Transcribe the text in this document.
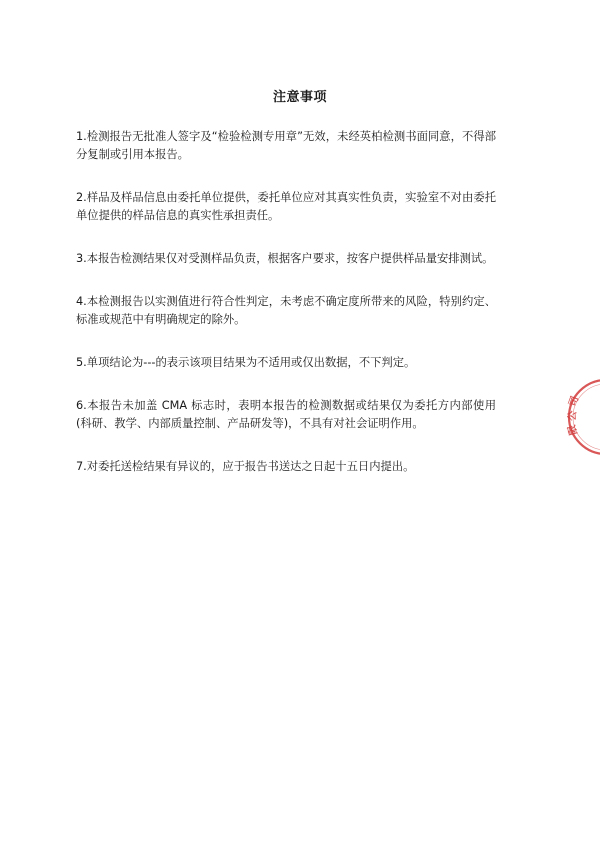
注意事项

1.检测报告无批准人签字及“检验检测专用章”无效，未经英柏检测书面同意，不得部分复制或引用本报告。

2.样品及样品信息由委托单位提供，委托单位应对其真实性负责，实验室不对由委托单位提供的样品信息的真实性承担责任。

3.本报告检测结果仅对受测样品负责，根据客户要求，按客户提供样品量安排测试。

4.本检测报告以实测值进行符合性判定，未考虑不确定度所带来的风险，特别约定、标准或规范中有明确规定的除外。

5.单项结论为---的表示该项目结果为不适用或仅出数据，不下判定。

6.本报告未加盖 CMA 标志时，表明本报告的检测数据或结果仅为委托方内部使用(科研、教学、内部质量控制、产品研发等)，不具有对社会证明作用。

7.对委托送检结果有异议的，应于报告书送达之日起十五日内提出。

司
公
限
